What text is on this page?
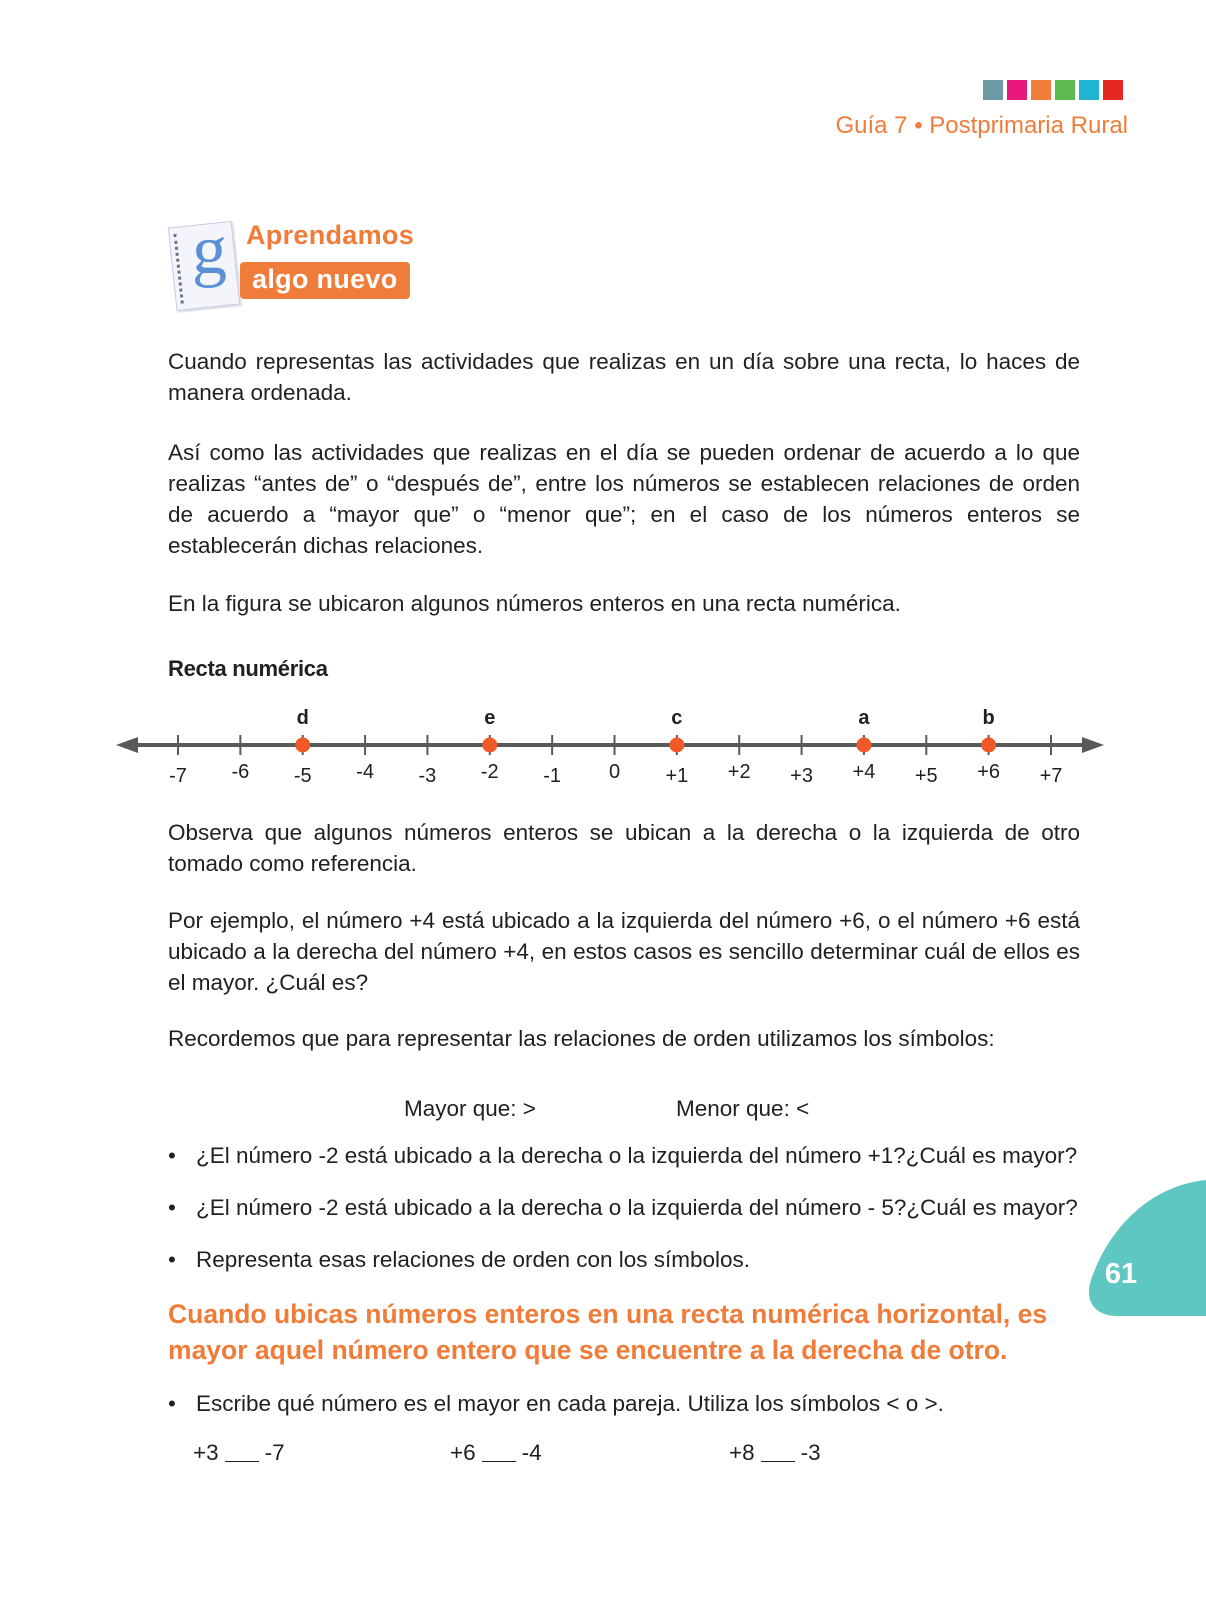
Guía 7 • Postprimaria Rural
g Aprendamos
algo nuevo

Cuando representas las actividades que realizas en un día sobre una recta, lo haces de manera ordenada.

Así como las actividades que realizas en el día se pueden ordenar de acuerdo a lo que realizas “antes de” o “después de”, entre los números se establecen relaciones de orden de acuerdo a “mayor que” o “menor que”; en el caso de los números enteros se establecerán dichas relaciones.

En la figura se ubicaron algunos números enteros en una recta numérica.

Recta numérica
-7 -6 -5 -4 -3 -2 -1 0 +1 +2 +3 +4 +5 +6 +7
d	e	c	a	b

Observa que algunos números enteros se ubican a la derecha o la izquierda de otro tomado como referencia.

Por ejemplo, el número +4 está ubicado a la izquierda del número +6, o el número +6 está ubicado a la derecha del número +4, en estos casos es sencillo determinar cuál de ellos es el mayor. ¿Cuál es?

Recordemos que para representar las relaciones de orden utilizamos los símbolos:

Mayor que: >	Menor que: <
• ¿El número -2 está ubicado a la derecha o la izquierda del número +1?¿Cuál es mayor?
• ¿El número -2 está ubicado a la derecha o la izquierda del número - 5?¿Cuál es mayor?
• Representa esas relaciones de orden con los símbolos.

Cuando ubicas números enteros en una recta numérica horizontal, es mayor aquel número entero que se encuentre a la derecha de otro.

• Escribe qué número es el mayor en cada pareja. Utiliza los símbolos < o >.
+3 -7	+6 -4	+8 -3
61
